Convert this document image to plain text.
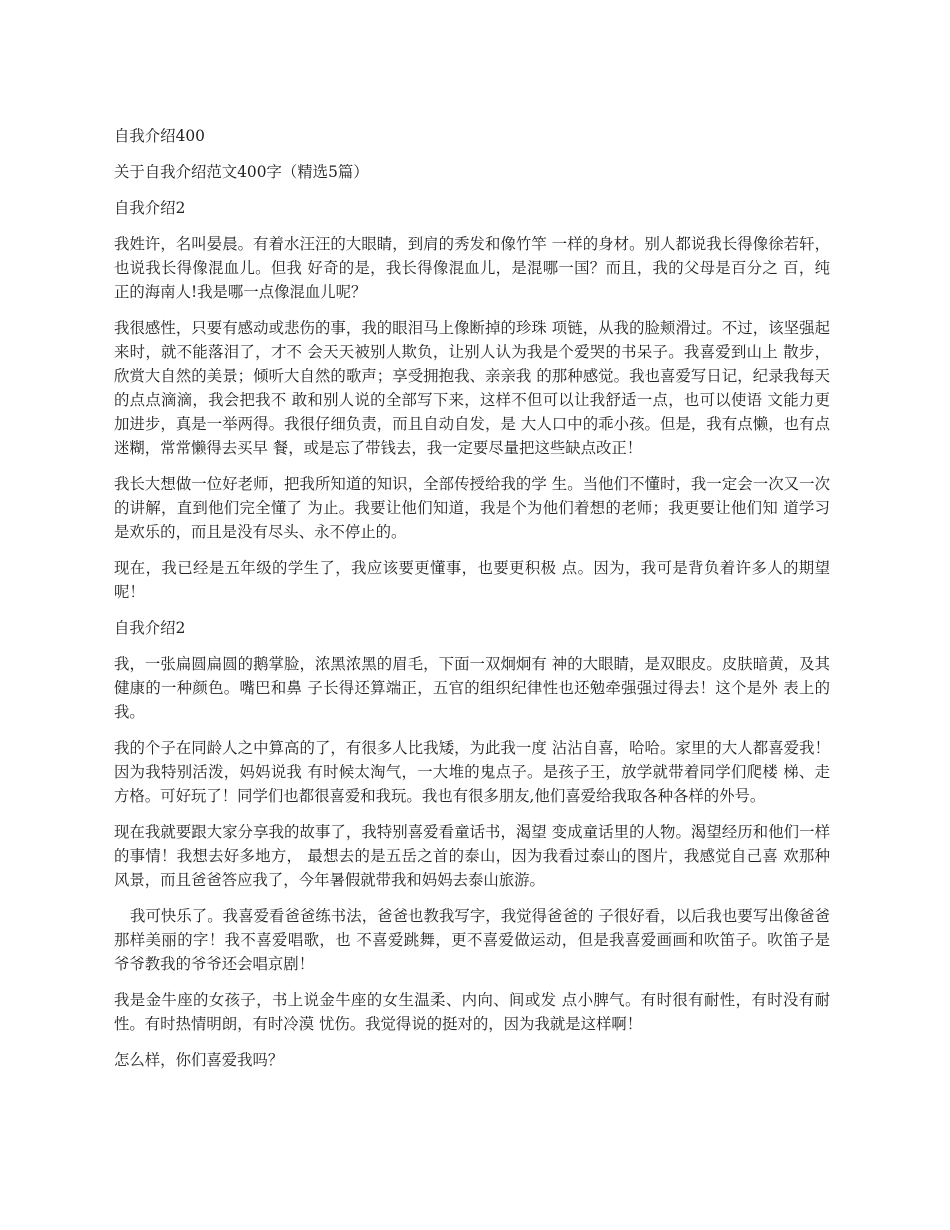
自我介绍400

关于自我介绍范文400字（精选5篇）

自我介绍2

我姓许，名叫晏晨。有着水汪汪的大眼睛，到肩的秀发和像竹竿 一样的身材。别人都说我长得像徐若轩，也说我长得像混血儿。但我 好奇的是，我长得像混血儿，是混哪一国？而且，我的父母是百分之 百，纯正的海南人!我是哪一点像混血儿呢？

我很感性，只要有感动或悲伤的事，我的眼泪马上像断掉的珍珠 项链，从我的脸颊滑过。不过，该坚强起来时，就不能落泪了，才不 会天天被别人欺负，让别人认为我是个爱哭的书呆子。我喜爱到山上 散步，欣赏大自然的美景；倾听大自然的歌声；享受拥抱我、亲亲我 的那种感觉。我也喜爱写日记，纪录我每天的点点滴滴，我会把我不 敢和别人说的全部写下来，这样不但可以让我舒适一点，也可以使语 文能力更加进步，真是一举两得。我很仔细负责，而且自动自发，是 大人口中的乖小孩。但是，我有点懒，也有点迷糊，常常懒得去买早 餐，或是忘了带钱去，我一定要尽量把这些缺点改正！

我长大想做一位好老师，把我所知道的知识，全部传授给我的学 生。当他们不懂时，我一定会一次又一次的讲解，直到他们完全懂了 为止。我要让他们知道，我是个为他们着想的老师；我更要让他们知 道学习是欢乐的，而且是没有尽头、永不停止的。

现在，我已经是五年级的学生了，我应该要更懂事，也要更积极 点。因为，我可是背负着许多人的期望呢！

自我介绍2

我，一张扁圆扁圆的鹅掌脸，浓黑浓黑的眉毛，下面一双炯炯有 神的大眼睛，是双眼皮。皮肤暗黄，及其健康的一种颜色。嘴巴和鼻 子长得还算端正，五官的组织纪律性也还勉牵强强过得去！这个是外 表上的我。

我的个子在同龄人之中算高的了，有很多人比我矮，为此我一度 沾沾自喜，哈哈。家里的大人都喜爱我！因为我特别活泼，妈妈说我 有时候太淘气，一大堆的鬼点子。是孩子王，放学就带着同学们爬楼 梯、走方格。可好玩了！同学们也都很喜爱和我玩。我也有很多朋友,他们喜爱给我取各种各样的外号。

现在我就要跟大家分享我的故事了，我特别喜爱看童话书，渴望 变成童话里的人物。渴望经历和他们一样的事情！我想去好多地方， 最想去的是五岳之首的泰山，因为我看过泰山的图片，我感觉自己喜 欢那种风景，而且爸爸答应我了，今年暑假就带我和妈妈去泰山旅游。

我可快乐了。我喜爱看爸爸练书法，爸爸也教我写字，我觉得爸爸的 子很好看，以后我也要写出像爸爸那样美丽的字！我不喜爱唱歌，也 不喜爱跳舞，更不喜爱做运动，但是我喜爱画画和吹笛子。吹笛子是 爷爷教我的爷爷还会唱京剧！

我是金牛座的女孩子，书上说金牛座的女生温柔、内向、间或发 点小脾气。有时很有耐性，有时没有耐性。有时热情明朗，有时冷漠 忧伤。我觉得说的挺对的，因为我就是这样啊！

怎么样，你们喜爱我吗？
